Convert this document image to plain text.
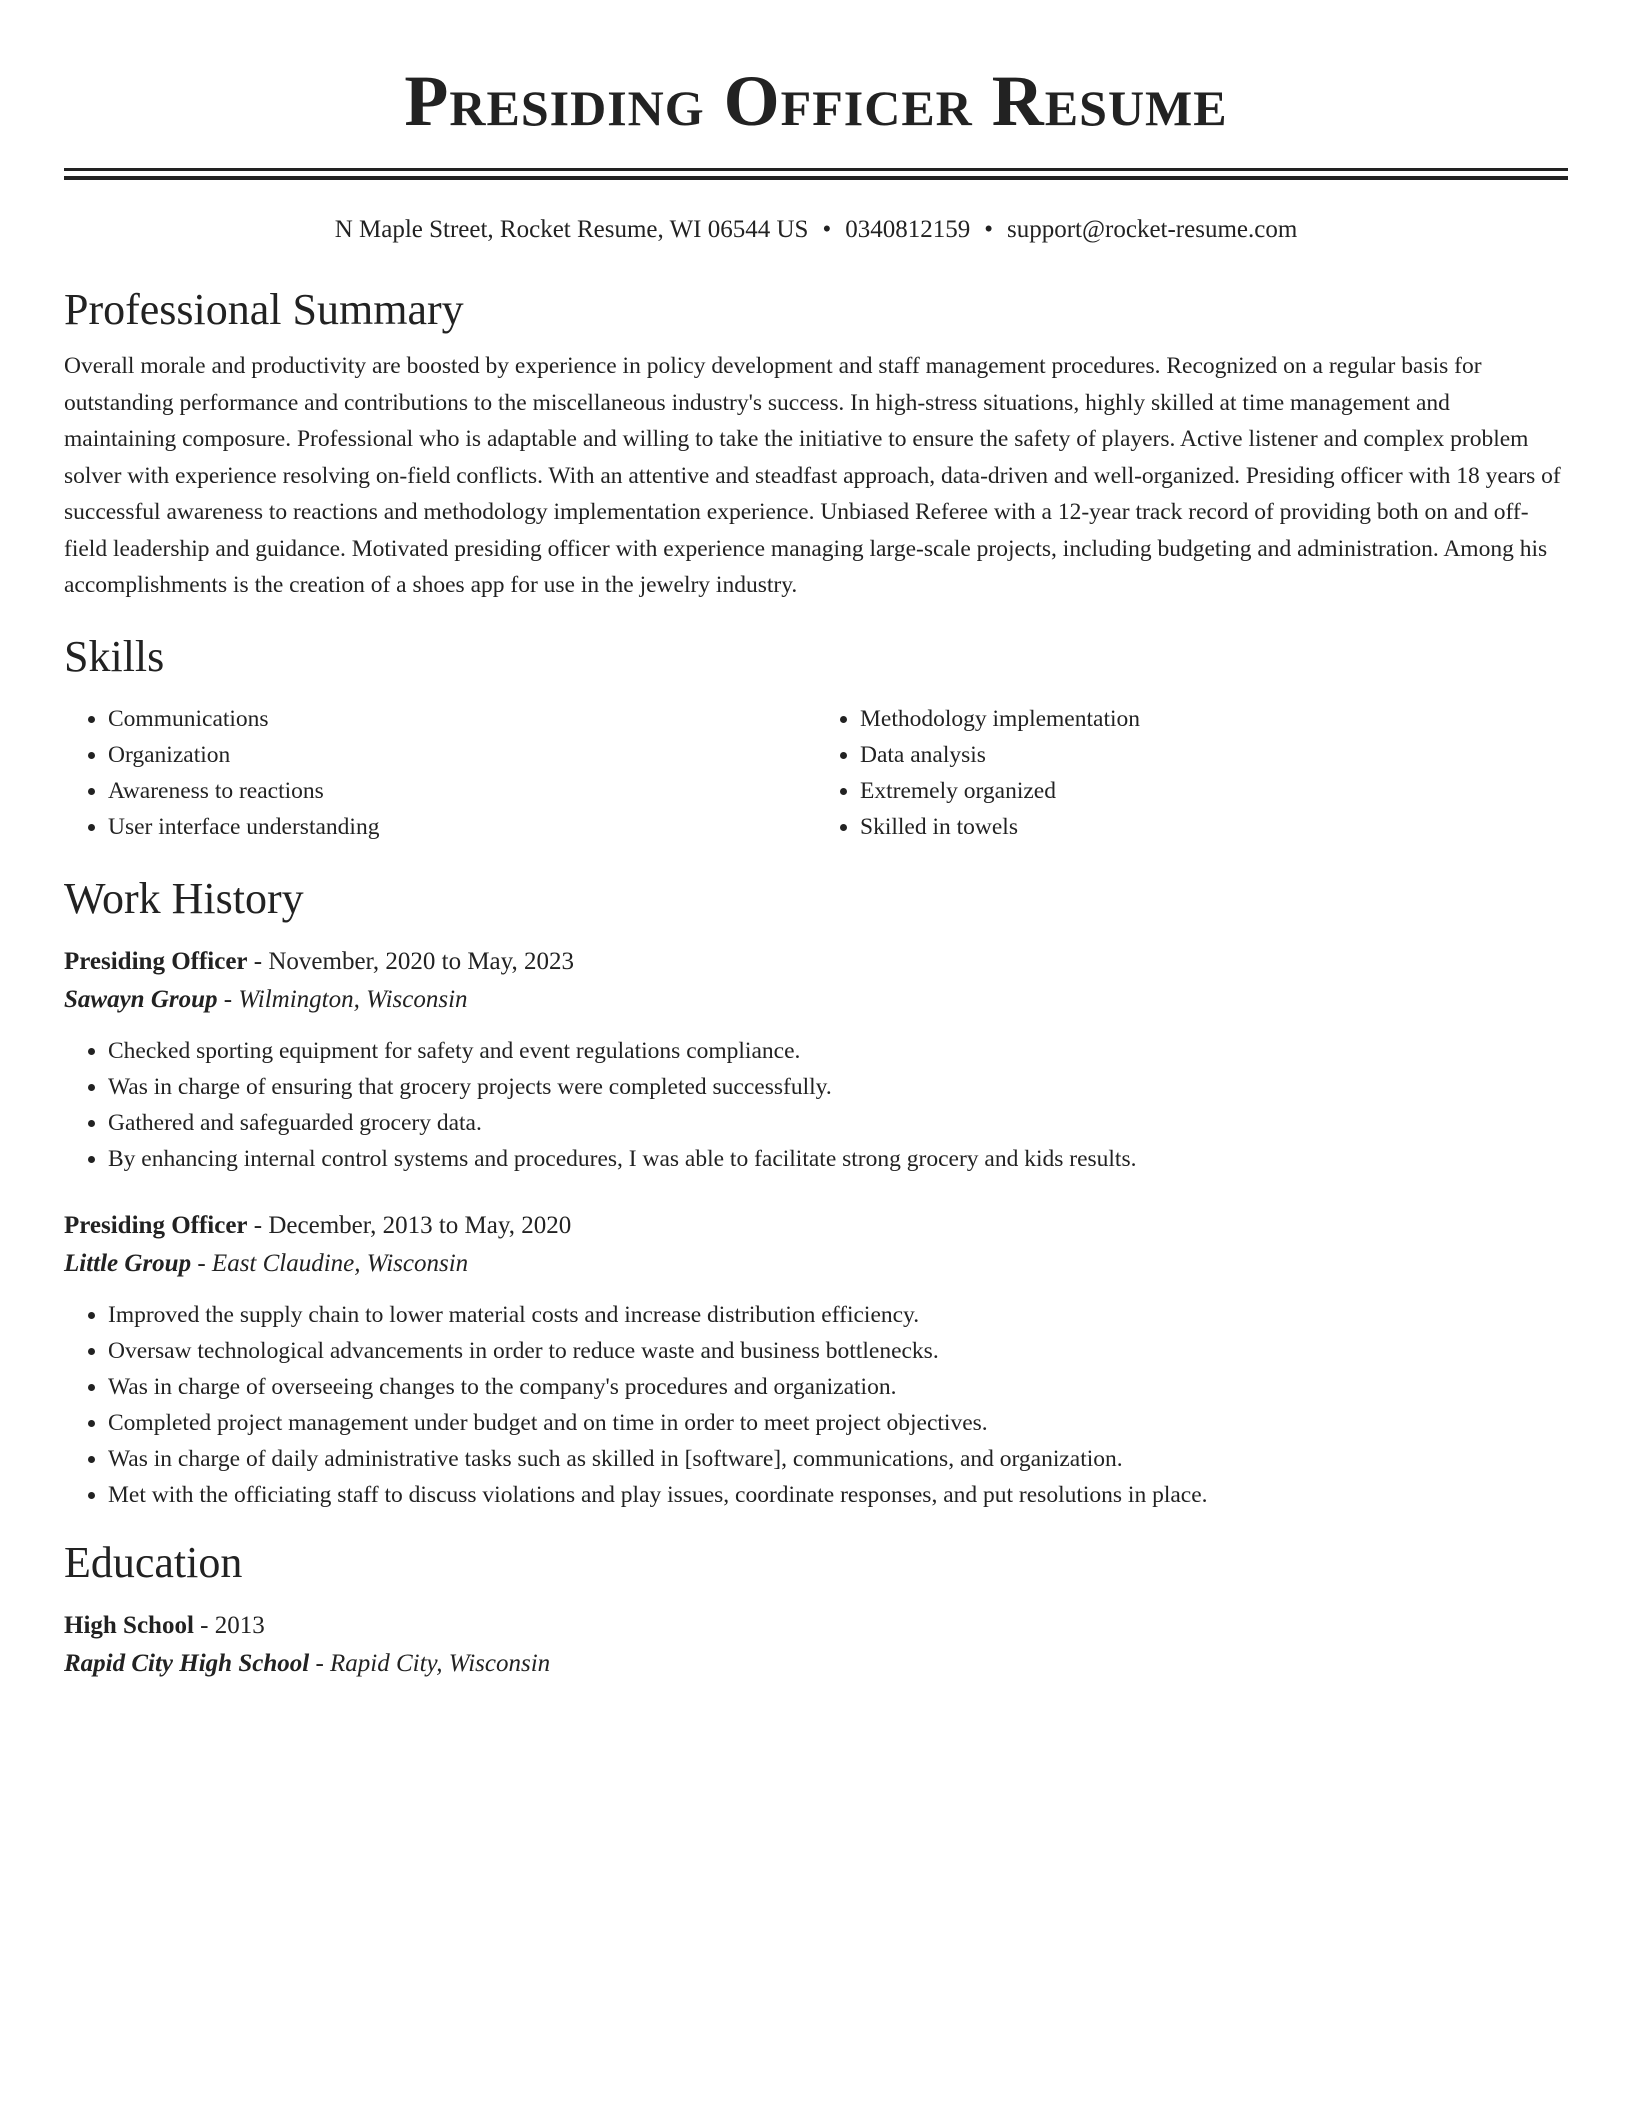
Presiding Officer Resume
N Maple Street, Rocket Resume, WI 06544 US • 0340812159 • support@rocket-resume.com
Professional Summary
Overall morale and productivity are boosted by experience in policy development and staff management procedures. Recognized on a regular basis for outstanding performance and contributions to the miscellaneous industry's success. In high-stress situations, highly skilled at time management and maintaining composure. Professional who is adaptable and willing to take the initiative to ensure the safety of players. Active listener and complex problem solver with experience resolving on-field conflicts. With an attentive and steadfast approach, data-driven and well-organized. Presiding officer with 18 years of successful awareness to reactions and methodology implementation experience. Unbiased Referee with a 12-year track record of providing both on and off-field leadership and guidance. Motivated presiding officer with experience managing large-scale projects, including budgeting and administration. Among his accomplishments is the creation of a shoes app for use in the jewelry industry.
Skills
• Communications
• Organization
• Awareness to reactions
• User interface understanding
• Methodology implementation
• Data analysis
• Extremely organized
• Skilled in towels
Work History
Presiding Officer - November, 2020 to May, 2023
Sawayn Group - Wilmington, Wisconsin
• Checked sporting equipment for safety and event regulations compliance.
• Was in charge of ensuring that grocery projects were completed successfully.
• Gathered and safeguarded grocery data.
• By enhancing internal control systems and procedures, I was able to facilitate strong grocery and kids results.
Presiding Officer - December, 2013 to May, 2020
Little Group - East Claudine, Wisconsin
• Improved the supply chain to lower material costs and increase distribution efficiency.
• Oversaw technological advancements in order to reduce waste and business bottlenecks.
• Was in charge of overseeing changes to the company's procedures and organization.
• Completed project management under budget and on time in order to meet project objectives.
• Was in charge of daily administrative tasks such as skilled in [software], communications, and organization.
• Met with the officiating staff to discuss violations and play issues, coordinate responses, and put resolutions in place.
Education
High School - 2013
Rapid City High School - Rapid City, Wisconsin
